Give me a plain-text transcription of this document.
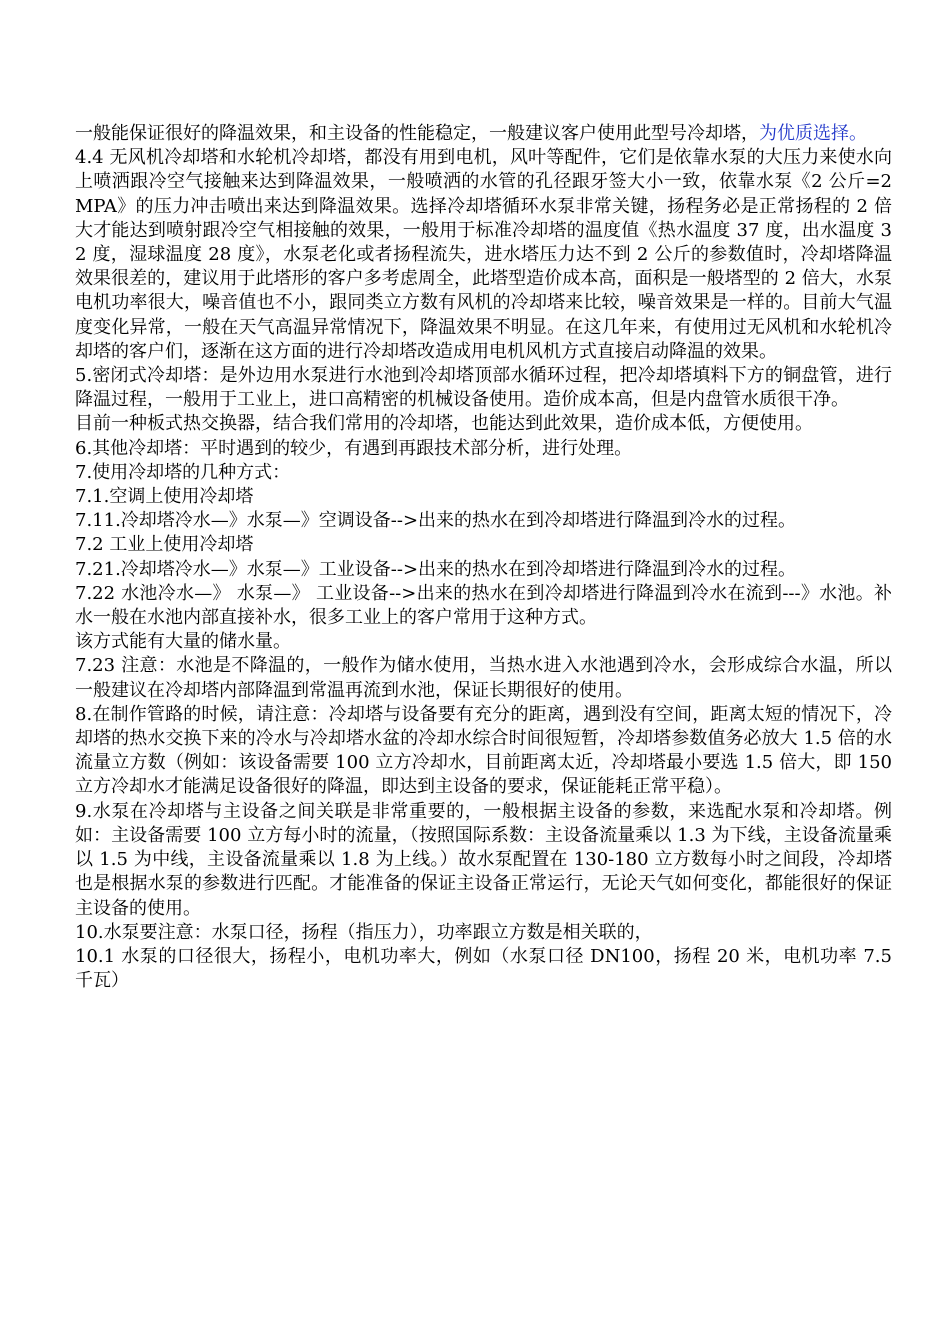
一般能保证很好的降温效果，和主设备的性能稳定，一般建议客户使用此型号冷却塔，为优质选择。

4.4 无风机冷却塔和水轮机冷却塔，都没有用到电机，风叶等配件，它们是依靠水泵的大压力来使水向上喷洒跟冷空气接触来达到降温效果，一般喷洒的水管的孔径跟牙签大小一致，依靠水泵《2 公斤=2MPA》的压力冲击喷出来达到降温效果。选择冷却塔循环水泵非常关键，扬程务必是正常扬程的 2 倍大才能达到喷射跟冷空气相接触的效果，一般用于标准冷却塔的温度值《热水温度 37 度，出水温度 32 度，湿球温度 28 度》，水泵老化或者扬程流失，进水塔压力达不到 2 公斤的参数值时，冷却塔降温效果很差的，建议用于此塔形的客户多考虑周全，此塔型造价成本高，面积是一般塔型的 2 倍大，水泵电机功率很大，噪音值也不小，跟同类立方数有风机的冷却塔来比较，噪音效果是一样的。目前大气温度变化异常，一般在天气高温异常情况下，降温效果不明显。在这几年来，有使用过无风机和水轮机冷却塔的客户们，逐渐在这方面的进行冷却塔改造成用电机风机方式直接启动降温的效果。

5.密闭式冷却塔：是外边用水泵进行水池到冷却塔顶部水循环过程，把冷却塔填料下方的铜盘管，进行降温过程，一般用于工业上，进口高精密的机械设备使用。造价成本高，但是内盘管水质很干净。

目前一种板式热交换器，结合我们常用的冷却塔，也能达到此效果，造价成本低，方便使用。

6.其他冷却塔：平时遇到的较少，有遇到再跟技术部分析，进行处理。

7.使用冷却塔的几种方式：

7.1.空调上使用冷却塔

7.11.冷却塔冷水—》水泵—》空调设备-->出来的热水在到冷却塔进行降温到冷水的过程。

7.2 工业上使用冷却塔

7.21.冷却塔冷水—》水泵—》工业设备-->出来的热水在到冷却塔进行降温到冷水的过程。

7.22 水池冷水—》 水泵—》 工业设备-->出来的热水在到冷却塔进行降温到冷水在流到---》水池。补水一般在水池内部直接补水，很多工业上的客户常用于这种方式。

该方式能有大量的储水量。

7.23 注意：水池是不降温的，一般作为储水使用，当热水进入水池遇到冷水，会形成综合水温，所以一般建议在冷却塔内部降温到常温再流到水池，保证长期很好的使用。

8.在制作管路的时候，请注意：冷却塔与设备要有充分的距离，遇到没有空间，距离太短的情况下，冷却塔的热水交换下来的冷水与冷却塔水盆的冷却水综合时间很短暂，冷却塔参数值务必放大 1.5 倍的水流量立方数（例如：该设备需要 100 立方冷却水，目前距离太近，冷却塔最小要选 1.5 倍大，即 150 立方冷却水才能满足设备很好的降温，即达到主设备的要求，保证能耗正常平稳）。

9.水泵在冷却塔与主设备之间关联是非常重要的，一般根据主设备的参数，来选配水泵和冷却塔。例如：主设备需要 100 立方每小时的流量，（按照国际系数：主设备流量乘以 1.3 为下线，主设备流量乘以 1.5 为中线，主设备流量乘以 1.8 为上线。）故水泵配置在 130-180 立方数每小时之间段，冷却塔也是根据水泵的参数进行匹配。才能准备的保证主设备正常运行，无论天气如何变化，都能很好的保证主设备的使用。

10.水泵要注意：水泵口径，扬程（指压力），功率跟立方数是相关联的，

10.1 水泵的口径很大，扬程小，电机功率大，例如（水泵口径 DN100，扬程 20 米，电机功率 7.5 千瓦）
